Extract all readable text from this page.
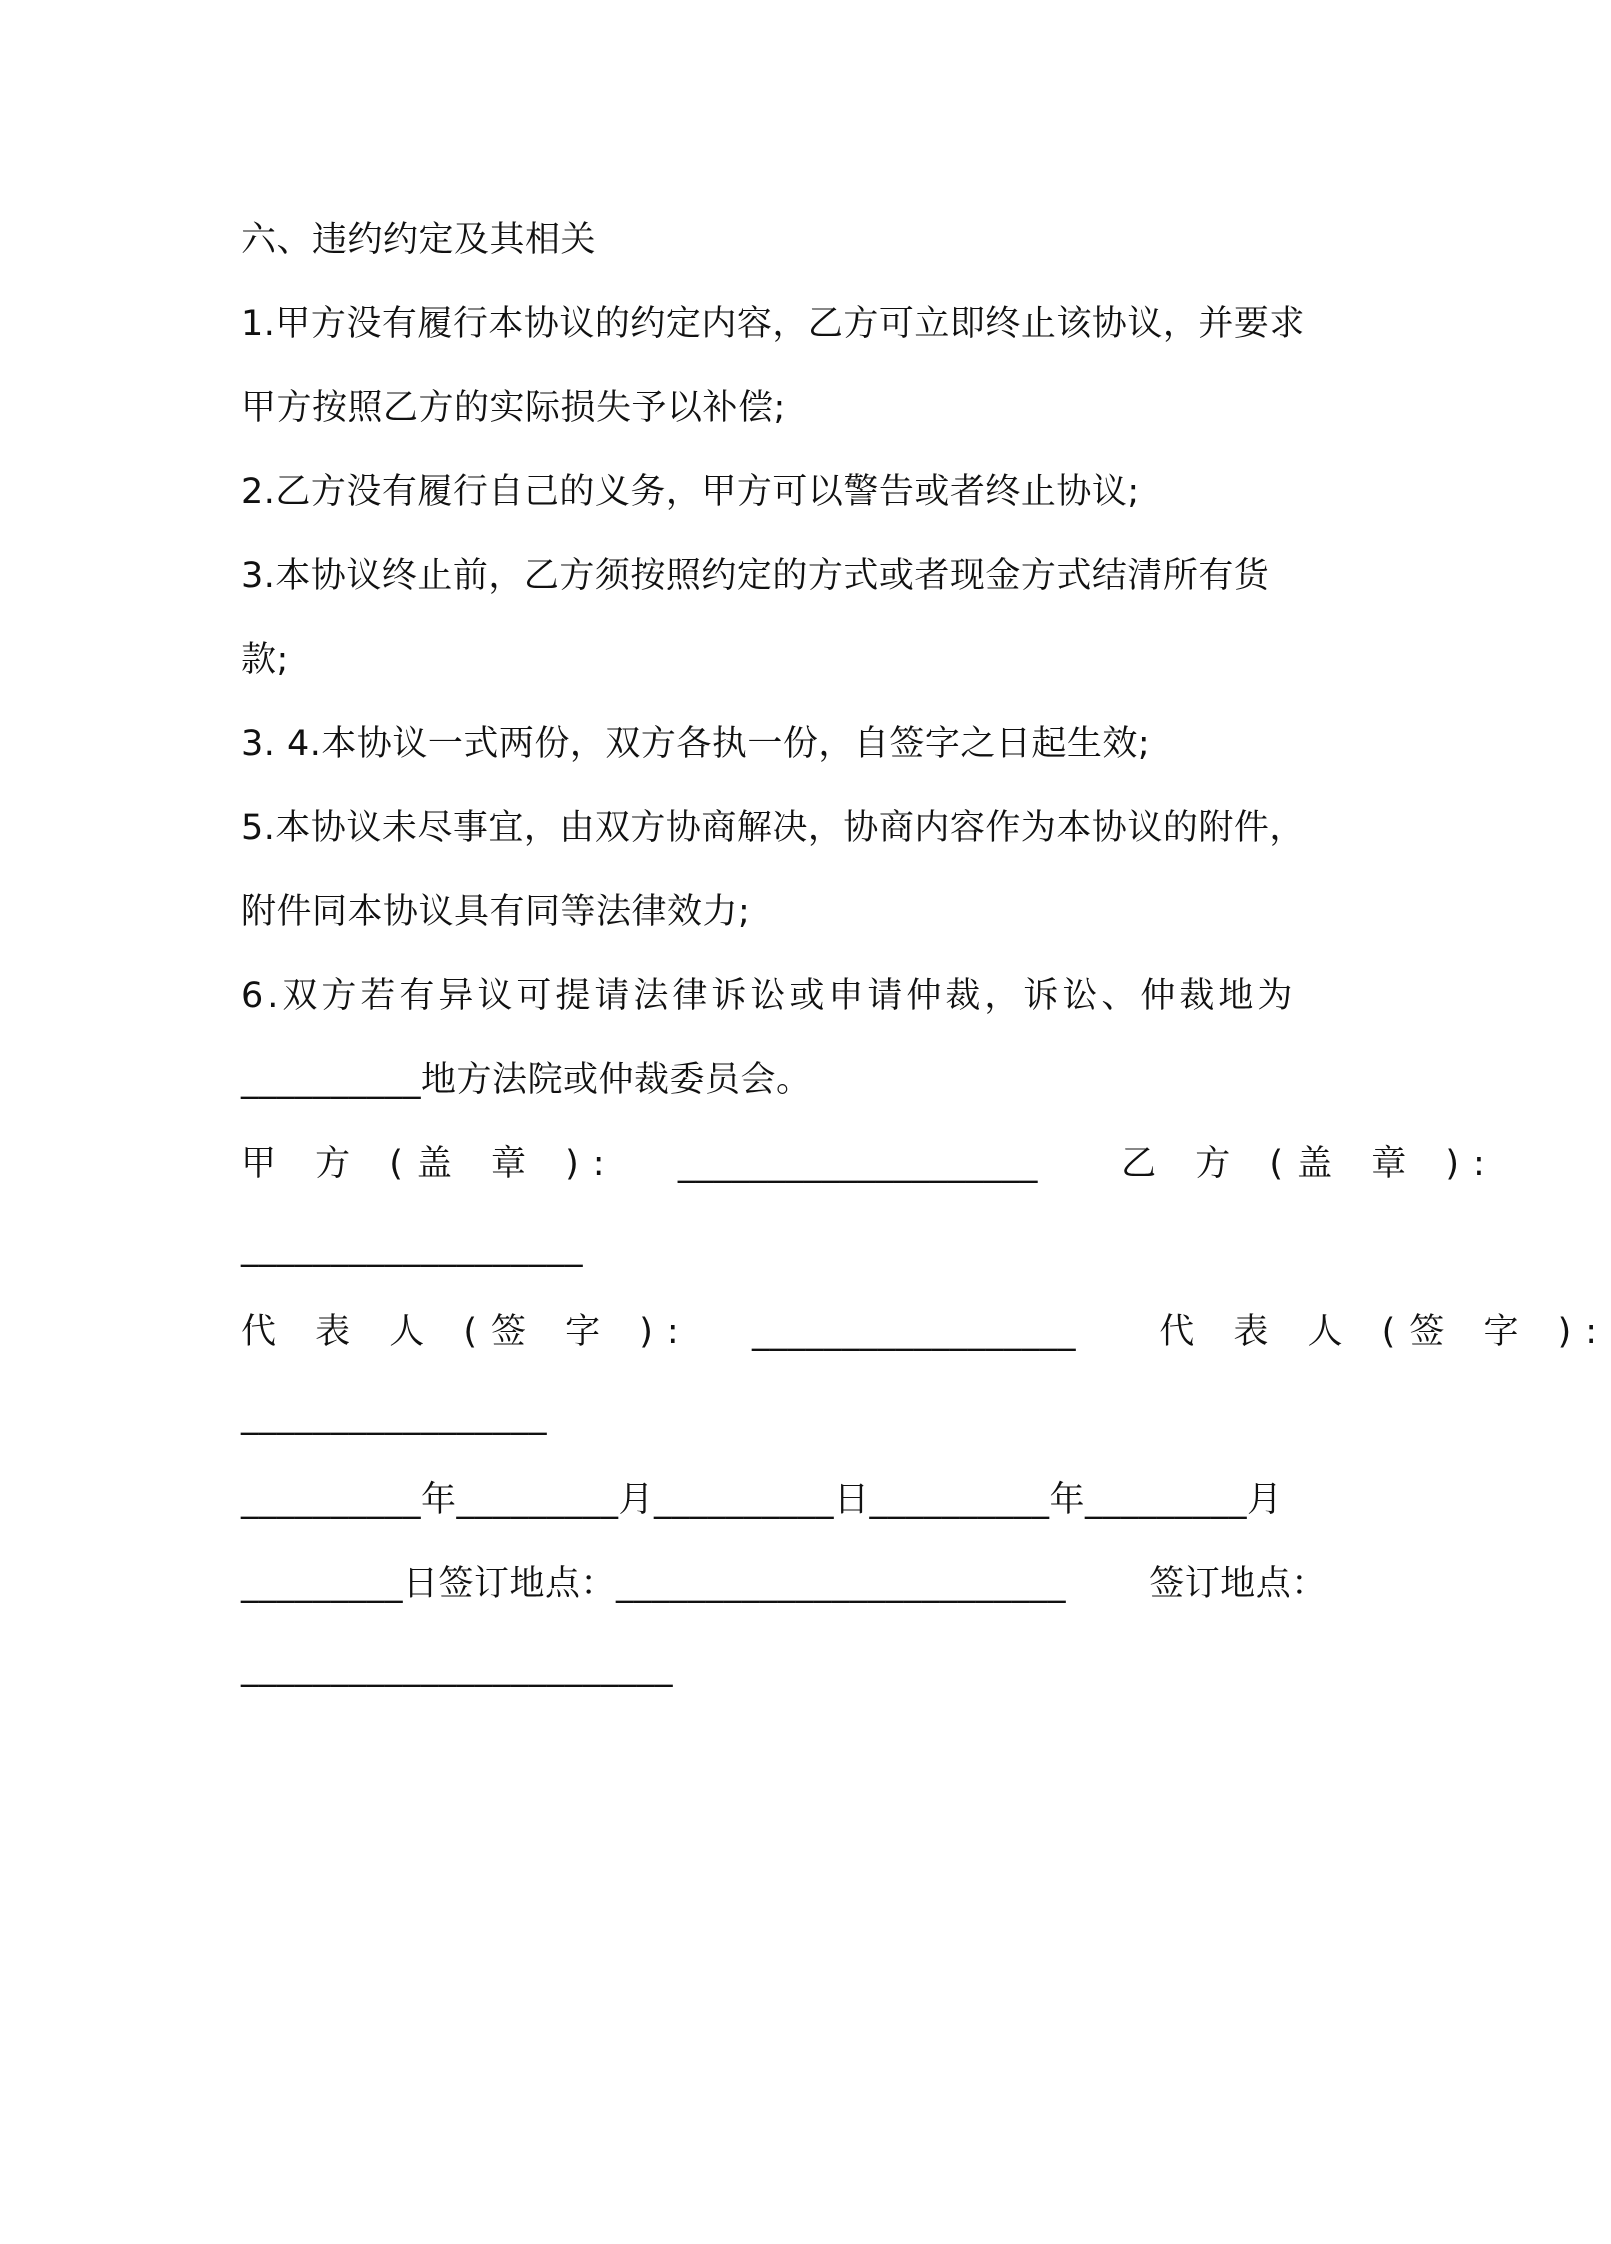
六、违约约定及其相关
1.甲方没有履行本协议的约定内容，乙方可立即终止该协议，并要求
甲方按照乙方的实际损失予以补偿;
2.乙方没有履行自己的义务，甲方可以警告或者终止协议;
3.本协议终止前，乙方须按照约定的方式或者现金方式结清所有货
款;
3. 4.本协议一式两份，双方各执一份，自签字之日起生效;
5.本协议未尽事宜，由双方协商解决，协商内容作为本协议的附件，
附件同本协议具有同等法律效力;
6.双方若有异议可提请法律诉讼或申请仲裁，诉讼、仲裁地为
__________地方法院或仲裁委员会。
甲 方 (盖 章 ): ____________________ 乙 方 (盖 章 ):
___________________
代 表 人 (签 字 ): __________________ 代 表 人 (签 字 ):
_________________
__________年_________月__________日__________年_________月
_________日签订地点：_________________________ 签订地点：
________________________
